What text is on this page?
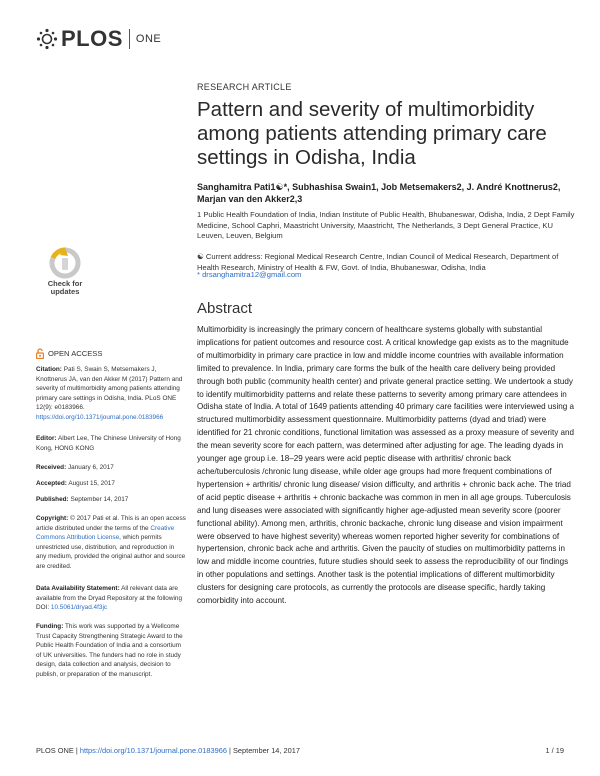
PLOS ONE
RESEARCH ARTICLE
Pattern and severity of multimorbidity among patients attending primary care settings in Odisha, India
Sanghamitra Pati1☯*, Subhashisa Swain1, Job Metsemakers2, J. André Knottnerus2,
Marjan van den Akker2,3
1 Public Health Foundation of India, Indian Institute of Public Health, Bhubaneswar, Odisha, India, 2 Dept Family Medicine, School Caphri, Maastricht University, Maastricht, The Netherlands, 3 Dept General Practice, KU Leuven, Leuven, Belgium
☯ Current address: Regional Medical Research Centre, Indian Council of Medical Research, Department of Health Research, Ministry of Health & FW, Govt. of India, Bhubaneswar, Odisha, India
* drsanghamitra12@gmail.com
Abstract
Multimorbidity is increasingly the primary concern of healthcare systems globally with substantial implications for patient outcomes and resource cost. A critical knowledge gap exists as to the magnitude of multimorbidity in primary care practice in low and middle income countries with available information limited to prevalence. In India, primary care forms the bulk of the health care delivery being provided through both public (community health center) and private general practice setting. We undertook a study to identify multimorbidity patterns and relate these patterns to severity among primary care attendees in Odisha state of India. A total of 1649 patients attending 40 primary care facilities were interviewed using a structured multimorbidity assessment questionnaire. Multimorbidity patterns (dyad and triad) were identified for 21 chronic conditions, functional limitation was assessed as a proxy measure of severity and the mean severity score for each pattern, was determined after adjusting for age. The leading dyads in younger age group i.e. 18–29 years were acid peptic disease with arthritis/ chronic back ache/tuberculosis /chronic lung disease, while older age groups had more frequent combinations of hypertension + arthritis/ chronic lung disease/ vision difficulty, and arthritis + chronic back ache. The triad of acid peptic disease + arthritis + chronic backache was common in men in all age groups. Tuberculosis and lung diseases were associated with significantly higher age-adjusted mean severity score (poorer functional ability). Among men, arthritis, chronic backache, chronic lung disease and vision impairment were observed to have highest severity) whereas women reported higher severity for combinations of hypertension, chronic back ache and arthritis. Given the paucity of studies on multimorbidity patterns in low and middle income countries, future studies should seek to assess the reproducibility of our findings in other populations and settings. Another task is the potential implications of different multimorbidity clusters for designing care protocols, as currently the protocols are disease specific, hardly taking comorbidity into account.
Check for updates
OPEN ACCESS
Citation: Pati S, Swain S, Metsemakers J, Knottnerus JA, van den Akker M (2017) Pattern and severity of multimorbidity among patients attending primary care settings in Odisha, India. PLoS ONE 12(9): e0183966. https://doi.org/10.1371/journal.pone.0183966
Editor: Albert Lee, The Chinese University of Hong Kong, HONG KONG
Received: January 6, 2017
Accepted: August 15, 2017
Published: September 14, 2017
Copyright: © 2017 Pati et al. This is an open access article distributed under the terms of the Creative Commons Attribution License, which permits unrestricted use, distribution, and reproduction in any medium, provided the original author and source are credited.
Data Availability Statement: All relevant data are available from the Dryad Repository at the following DOI: 10.5061/dryad.4f3jc
Funding: This work was supported by a Wellcome Trust Capacity Strengthening Strategic Award to the Public Health Foundation of India and a consortium of UK universities. The funders had no role in study design, data collection and analysis, decision to publish, or preparation of the manuscript.
PLOS ONE | https://doi.org/10.1371/journal.pone.0183966 | September 14, 2017	1 / 19
